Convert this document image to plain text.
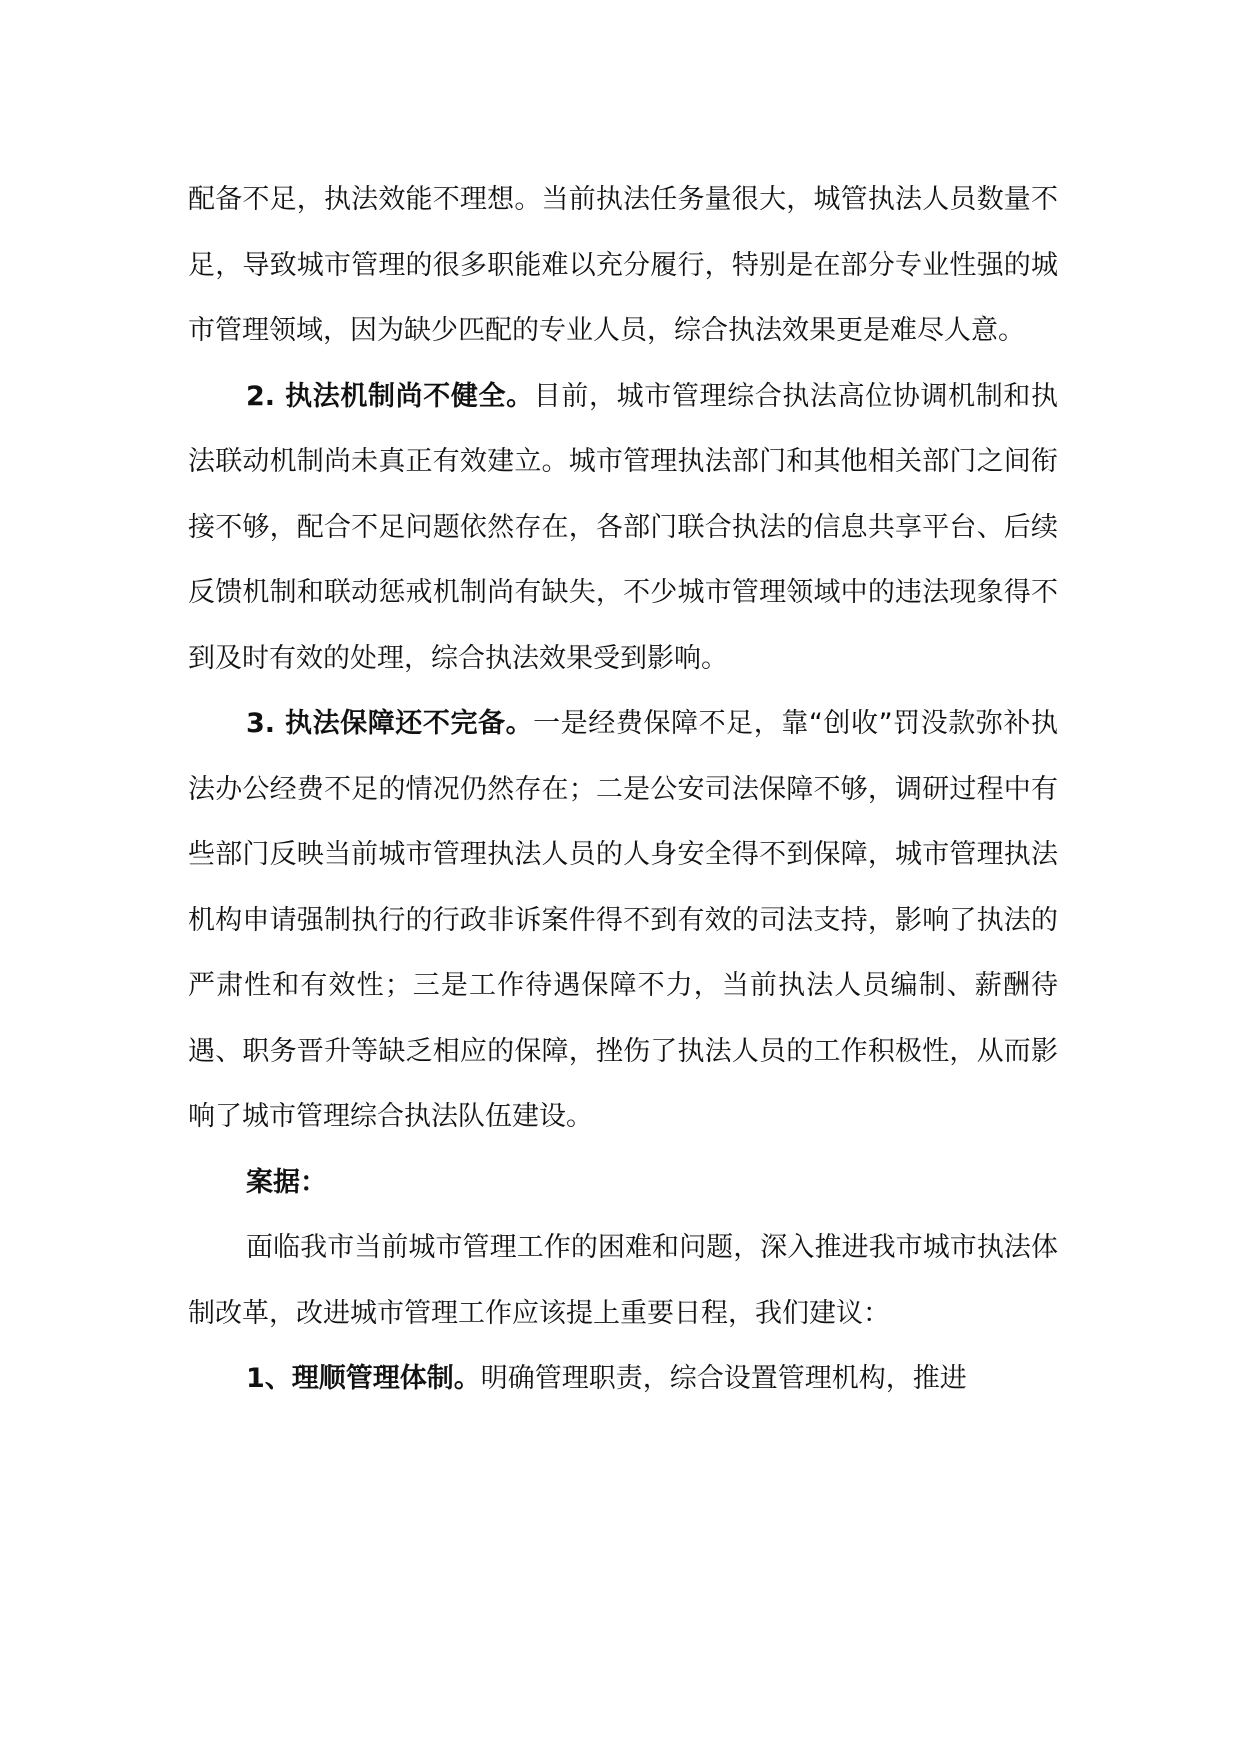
配备不足，执法效能不理想。当前执法任务量很大，城管执法人员数量不足，导致城市管理的很多职能难以充分履行，特别是在部分专业性强的城市管理领域，因为缺少匹配的专业人员，综合执法效果更是难尽人意。

2. 执法机制尚不健全。目前，城市管理综合执法高位协调机制和执法联动机制尚未真正有效建立。城市管理执法部门和其他相关部门之间衔接不够，配合不足问题依然存在，各部门联合执法的信息共享平台、后续反馈机制和联动惩戒机制尚有缺失，不少城市管理领域中的违法现象得不到及时有效的处理，综合执法效果受到影响。

3. 执法保障还不完备。一是经费保障不足，靠“创收”罚没款弥补执法办公经费不足的情况仍然存在；二是公安司法保障不够，调研过程中有些部门反映当前城市管理执法人员的人身安全得不到保障，城市管理执法机构申请强制执行的行政非诉案件得不到有效的司法支持，影响了执法的严肃性和有效性；三是工作待遇保障不力，当前执法人员编制、薪酬待遇、职务晋升等缺乏相应的保障，挫伤了执法人员的工作积极性，从而影响了城市管理综合执法队伍建设。

案据：

面临我市当前城市管理工作的困难和问题，深入推进我市城市执法体制改革，改进城市管理工作应该提上重要日程，我们建议：

1、理顺管理体制。明确管理职责，综合设置管理机构，推进
